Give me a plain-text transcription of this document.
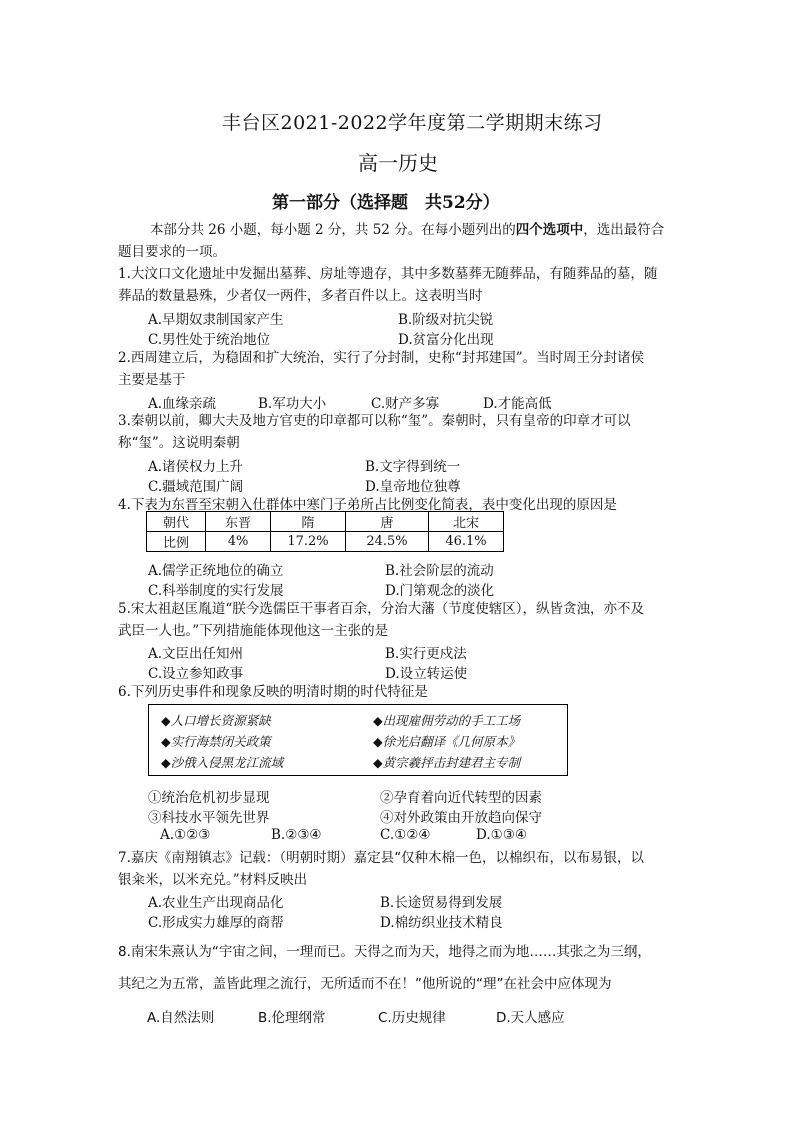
丰台区2021-2022学年度第二学期期末练习
高一历史
第一部分（选择题　共52分）
本部分共 26 小题，每小题 2 分，共 52 分。在每小题列出的四个选项中，选出最符合
题目要求的一项。
1.大汶口文化遗址中发掘出墓葬、房址等遗存，其中多数墓葬无随葬品，有随葬品的墓，随
葬品的数量悬殊，少者仅一两件，多者百件以上。这表明当时
A.早期奴隶制国家产生	B.阶级对抗尖锐
C.男性处于统治地位	D.贫富分化出现
2.西周建立后，为稳固和扩大统治，实行了分封制，史称“封邦建国”。当时周王分封诸侯
主要是基于
A.血缘亲疏	B.军功大小	C.财产多寡	D.才能高低
3.秦朝以前，卿大夫及地方官吏的印章都可以称“玺”。秦朝时，只有皇帝的印章才可以
称“玺”。这说明秦朝
A.诸侯权力上升	B.文字得到统一
C.疆域范围广阔	D.皇帝地位独尊
4.下表为东晋至宋朝入仕群体中寒门子弟所占比例变化简表，表中变化出现的原因是
朝代	东晋	隋	唐	北宋
比例	4%	17.2%	24.5%	46.1%
A.儒学正统地位的确立	B.社会阶层的流动
C.科举制度的实行发展	D.门第观念的淡化
5.宋太祖赵匡胤道“朕今选儒臣干事者百余，分治大藩（节度使辖区），纵皆贪浊，亦不及
武臣一人也。”下列措施能体现他这一主张的是
A.文臣出任知州	B.实行更戍法
C.设立参知政事	D.设立转运使
6.下列历史事件和现象反映的明清时期的时代特征是
◆人口增长资源紧缺	◆出现雇佣劳动的手工工场
◆实行海禁闭关政策	◆徐光启翻译《几何原本》
◆沙俄入侵黑龙江流域	◆黄宗羲抨击封建君主专制
①统治危机初步显现	②孕育着向近代转型的因素
③科技水平领先世界	④对外政策由开放趋向保守
A.①②③	B.②③④	C.①②④	D.①③④
7.嘉庆《南翔镇志》记载：（明朝时期）嘉定县“仅种木棉一色，以棉织布，以布易银，以
银籴米，以米充兑。”材料反映出
A.农业生产出现商品化	B.长途贸易得到发展
C.形成实力雄厚的商帮	D.棉纺织业技术精良
8.南宋朱熹认为“宇宙之间，一理而已。天得之而为天，地得之而为地……其张之为三纲，
其纪之为五常，盖皆此理之流行，无所适而不在！”他所说的“理”在社会中应体现为
A.自然法则	B.伦理纲常	C.历史规律	D.天人感应
